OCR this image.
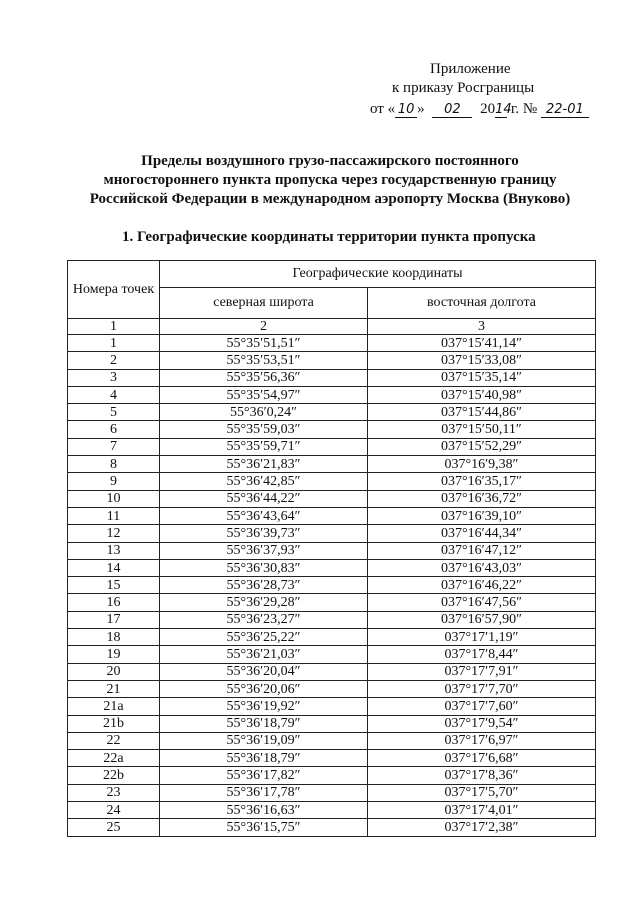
Приложение
к приказу Росграницы
от « 10 » 02 2014 г. № 22-01
Пределы воздушного грузо-пассажирского постоянного
многостороннего пункта пропуска через государственную границу
Российской Федерации в международном аэропорту Москва (Внуково)
1. Географические координаты территории пункта пропуска
Номера точек	Географические координаты	
	северная широта	восточная долгота
1	2	3
1	55°35′51,51″	037°15′41,14″
2	55°35′53,51″	037°15′33,08″
3	55°35′56,36″	037°15′35,14″
4	55°35′54,97″	037°15′40,98″
5	55°36′0,24″	037°15′44,86″
6	55°35′59,03″	037°15′50,11″
7	55°35′59,71″	037°15′52,29″
8	55°36′21,83″	037°16′9,38″
9	55°36′42,85″	037°16′35,17″
10	55°36′44,22″	037°16′36,72″
11	55°36′43,64″	037°16′39,10″
12	55°36′39,73″	037°16′44,34″
13	55°36′37,93″	037°16′47,12″
14	55°36′30,83″	037°16′43,03″
15	55°36′28,73″	037°16′46,22″
16	55°36′29,28″	037°16′47,56″
17	55°36′23,27″	037°16′57,90″
18	55°36′25,22″	037°17′1,19″
19	55°36′21,03″	037°17′8,44″
20	55°36′20,04″	037°17′7,91″
21	55°36′20,06″	037°17′7,70″
21a	55°36′19,92″	037°17′7,60″
21b	55°36′18,79″	037°17′9,54″
22	55°36′19,09″	037°17′6,97″
22a	55°36′18,79″	037°17′6,68″
22b	55°36′17,82″	037°17′8,36″
23	55°36′17,78″	037°17′5,70″
24	55°36′16,63″	037°17′4,01″
25	55°36′15,75″	037°17′2,38″
